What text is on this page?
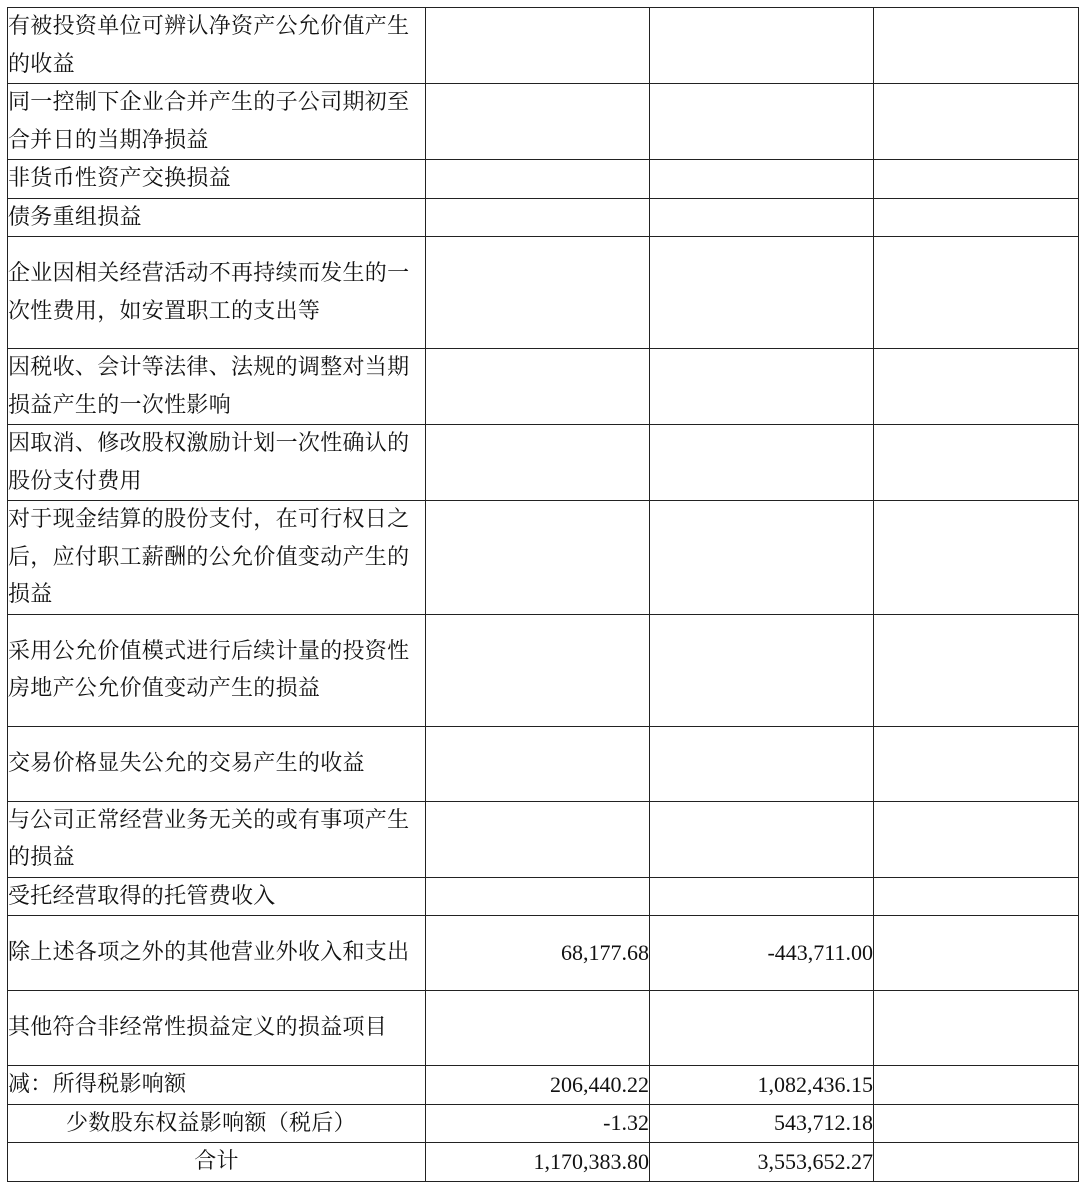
有被投资单位可辨认净资产公允价值产生的收益			
同一控制下企业合并产生的子公司期初至合并日的当期净损益			
非货币性资产交换损益			
债务重组损益			
企业因相关经营活动不再持续而发生的一次性费用，如安置职工的支出等			
因税收、会计等法律、法规的调整对当期损益产生的一次性影响			
因取消、修改股权激励计划一次性确认的股份支付费用			
对于现金结算的股份支付，在可行权日之后，应付职工薪酬的公允价值变动产生的损益			
采用公允价值模式进行后续计量的投资性房地产公允价值变动产生的损益			
交易价格显失公允的交易产生的收益			
与公司正常经营业务无关的或有事项产生的损益			
受托经营取得的托管费收入			
除上述各项之外的其他营业外收入和支出	68,177.68	-443,711.00	
其他符合非经常性损益定义的损益项目			
减：所得税影响额	206,440.22	1,082,436.15	
少数股东权益影响额（税后）	-1.32	543,712.18	
合计	1,170,383.80	3,553,652.27	
